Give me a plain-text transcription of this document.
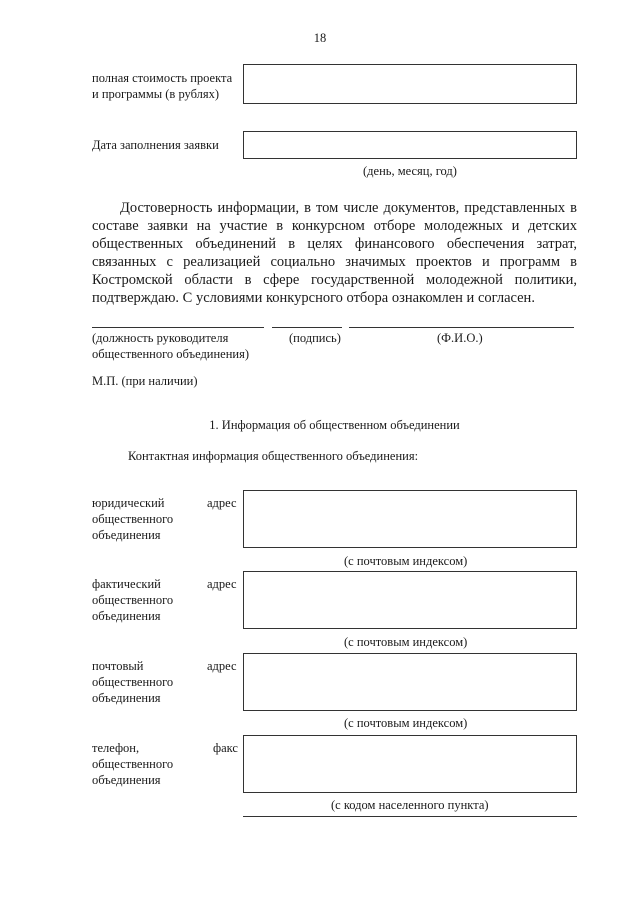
18
полная стоимость проекта
и программы (в рублях)
Дата заполнения заявки
(день, месяц, год)
Достоверность информации, в том числе документов, представленных в составе заявки на участие в конкурсном отборе молодежных и детских общественных объединений в целях финансового обеспечения затрат, связанных с реализацией социально значимых проектов и программ в Костромской области в сфере государственной молодежной политики, подтверждаю. С условиями конкурсного отбора ознакомлен и согласен.
(должность руководителя
общественного объединения)
(подпись)	(Ф.И.О.)
М.П. (при наличии)
1. Информация об общественном объединении
Контактная информация общественного объединения:
юридический
общественного
объединения
адрес
(с почтовым индексом)
фактический
общественного
объединения
адрес
(с почтовым индексом)
почтовый
общественного
объединения
адрес
(с почтовым индексом)
телефон,
общественного
объединения
факс
(с кодом населенного пункта)
